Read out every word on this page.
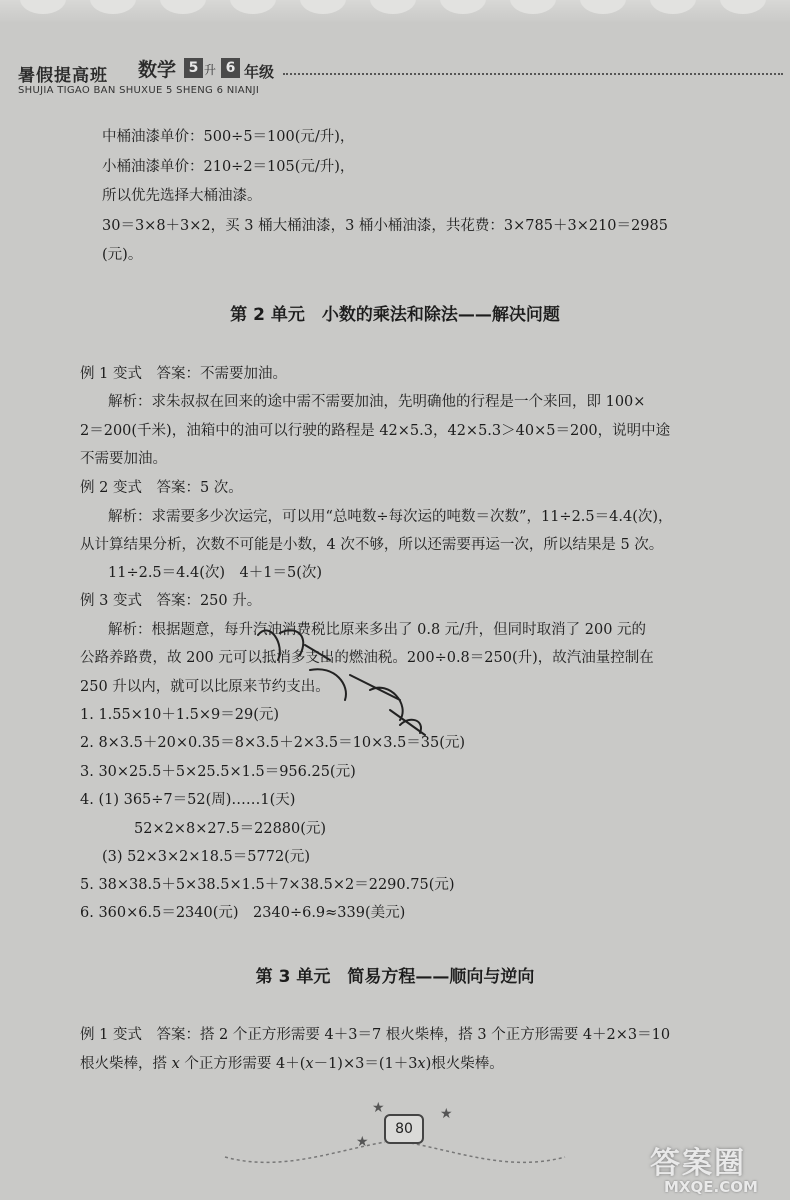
暑假提高班 数学 5 升 6 年级
SHUJIA TIGAO BAN SHUXUE 5 SHENG 6 NIANJI
中桶油漆单价：500÷5＝100(元/升)，
小桶油漆单价：210÷2＝105(元/升)，
所以优先选择大桶油漆。
30＝3×8＋3×2，买 3 桶大桶油漆，3 桶小桶油漆，共花费：3×785＋3×210＝2985
(元)。
第 2 单元　小数的乘法和除法——解决问题
例 1 变式　答案：不需要加油。
解析：求朱叔叔在回来的途中需不需要加油，先明确他的行程是一个来回，即 100×
2＝200(千米)，油箱中的油可以行驶的路程是 42×5.3，42×5.3＞40×5＝200，说明中途
不需要加油。
例 2 变式　答案：5 次。
解析：求需要多少次运完，可以用“总吨数÷每次运的吨数＝次数”，11÷2.5＝4.4(次)，
从计算结果分析，次数不可能是小数，4 次不够，所以还需要再运一次，所以结果是 5 次。
11÷2.5＝4.4(次)　4＋1＝5(次)
例 3 变式　答案：250 升。
解析：根据题意，每升汽油消费税比原来多出了 0.8 元/升，但同时取消了 200 元的
公路养路费，故 200 元可以抵消多支出的燃油税。200÷0.8＝250(升)，故汽油量控制在
250 升以内，就可以比原来节约支出。
1. 1.55×10＋1.5×9＝29(元)
2. 8×3.5＋20×0.35＝8×3.5＋2×3.5＝10×3.5＝35(元)
3. 30×25.5＋5×25.5×1.5＝956.25(元)
4. (1) 365÷7＝52(周)……1(天)
52×2×8×27.5＝22880(元)
(3) 52×3×2×18.5＝5772(元)
5. 38×38.5＋5×38.5×1.5＋7×38.5×2＝2290.75(元)
6. 360×6.5＝2340(元)　2340÷6.9≈339(美元)
第 3 单元　简易方程——顺向与逆向
例 1 变式　答案：搭 2 个正方形需要 4＋3＝7 根火柴棒，搭 3 个正方形需要 4＋2×3＝10
根火柴棒，搭 𝑥 个正方形需要 4＋(𝑥－1)×3＝(1＋3𝑥)根火柴棒。
★	★
★
80
答案圈
MXQE.COM
